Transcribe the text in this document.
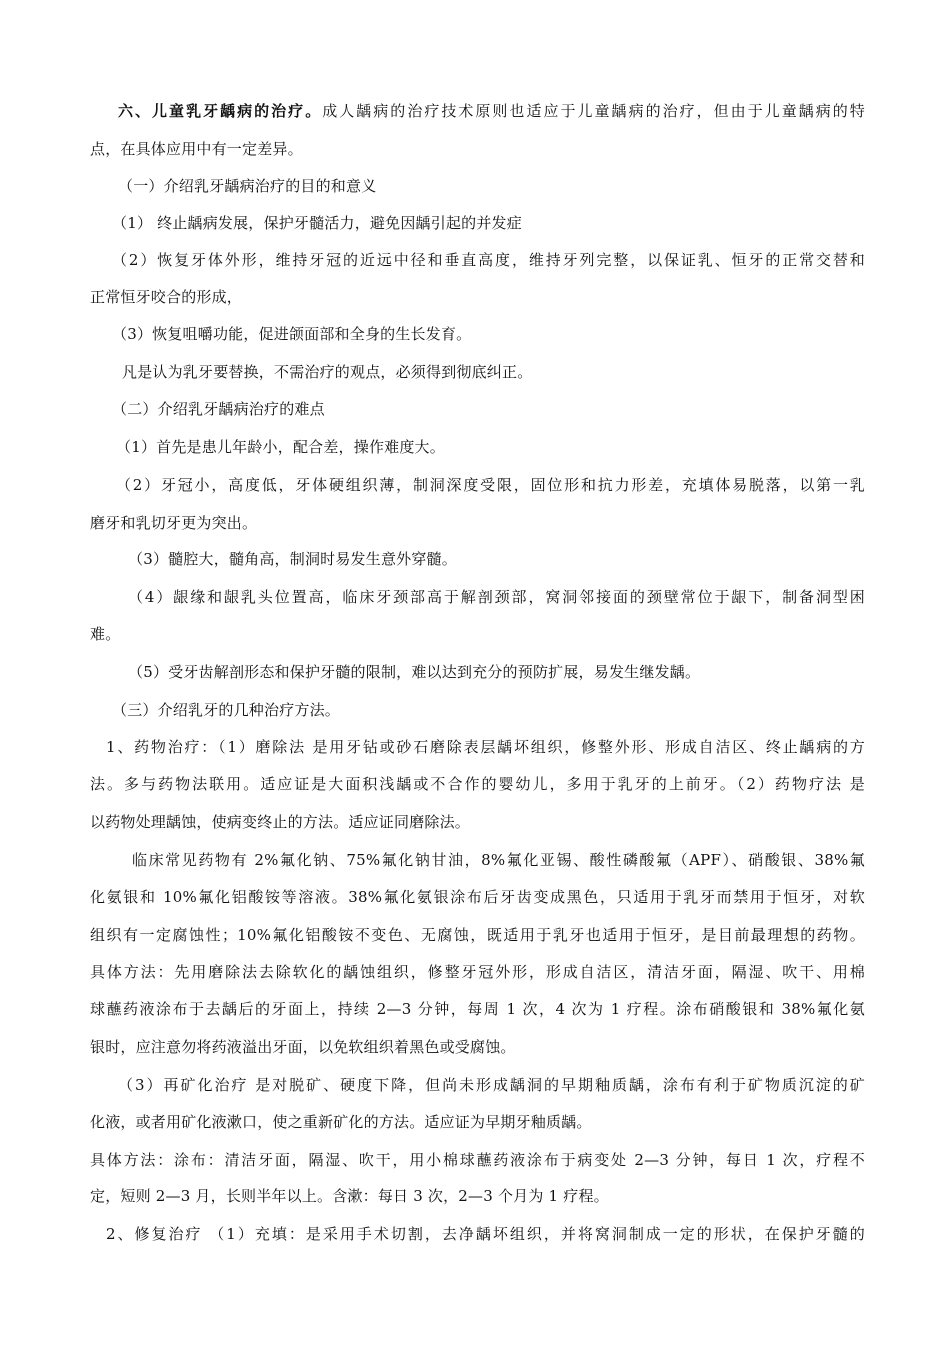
六、儿童乳牙龋病的治疗。成人龋病的治疗技术原则也适应于儿童龋病的治疗，但由于儿童龋病的特
点，在具体应用中有一定差异。
（一）介绍乳牙龋病治疗的目的和意义
（1） 终止龋病发展，保护牙髓活力，避免因龋引起的并发症
（2）恢复牙体外形，维持牙冠的近远中径和垂直高度，维持牙列完整，以保证乳、恒牙的正常交替和
正常恒牙咬合的形成，
（3）恢复咀嚼功能，促进颌面部和全身的生长发育。
凡是认为乳牙要替换，不需治疗的观点，必须得到彻底纠正。
（二）介绍乳牙龋病治疗的难点
（1）首先是患儿年龄小，配合差，操作难度大。
（2）牙冠小，高度低，牙体硬组织薄，制洞深度受限，固位形和抗力形差，充填体易脱落，以第一乳
磨牙和乳切牙更为突出。
（3）髓腔大，髓角高，制洞时易发生意外穿髓。
（4）龈缘和龈乳头位置高，临床牙颈部高于解剖颈部，窝洞邻接面的颈壁常位于龈下，制备洞型困
难。
（5）受牙齿解剖形态和保护牙髓的限制，难以达到充分的预防扩展，易发生继发龋。
（三）介绍乳牙的几种治疗方法。
1、药物治疗：（1）磨除法 是用牙钻或砂石磨除表层龋坏组织，修整外形、形成自洁区、终止龋病的方
法。多与药物法联用。适应证是大面积浅龋或不合作的婴幼儿，多用于乳牙的上前牙。（2）药物疗法 是
以药物处理龋蚀，使病变终止的方法。适应证同磨除法。
临床常见药物有 2%氟化钠、75%氟化钠甘油，8%氟化亚锡、酸性磷酸氟（APF）、硝酸银、38%氟
化氨银和 10%氟化铝酸铵等溶液。38%氟化氨银涂布后牙齿变成黑色，只适用于乳牙而禁用于恒牙，对软
组织有一定腐蚀性；10%氟化铝酸铵不变色、无腐蚀，既适用于乳牙也适用于恒牙，是目前最理想的药物。
具体方法：先用磨除法去除软化的龋蚀组织，修整牙冠外形，形成自洁区，清洁牙面，隔湿、吹干、用棉
球蘸药液涂布于去龋后的牙面上，持续 2—3 分钟，每周 1 次，4 次为 1 疗程。涂布硝酸银和 38%氟化氨
银时，应注意勿将药液溢出牙面，以免软组织着黑色或受腐蚀。
（3）再矿化治疗 是对脱矿、硬度下降，但尚未形成龋洞的早期釉质龋，涂布有利于矿物质沉淀的矿
化液，或者用矿化液漱口，使之重新矿化的方法。适应证为早期牙釉质龋。
具体方法：涂布：清洁牙面，隔湿、吹干，用小棉球蘸药液涂布于病变处 2—3 分钟，每日 1 次，疗程不
定，短则 2—3 月，长则半年以上。含漱：每日 3 次，2—3 个月为 1 疗程。
2、修复治疗 （1）充填：是采用手术切割，去净龋坏组织，并将窝洞制成一定的形状，在保护牙髓的
